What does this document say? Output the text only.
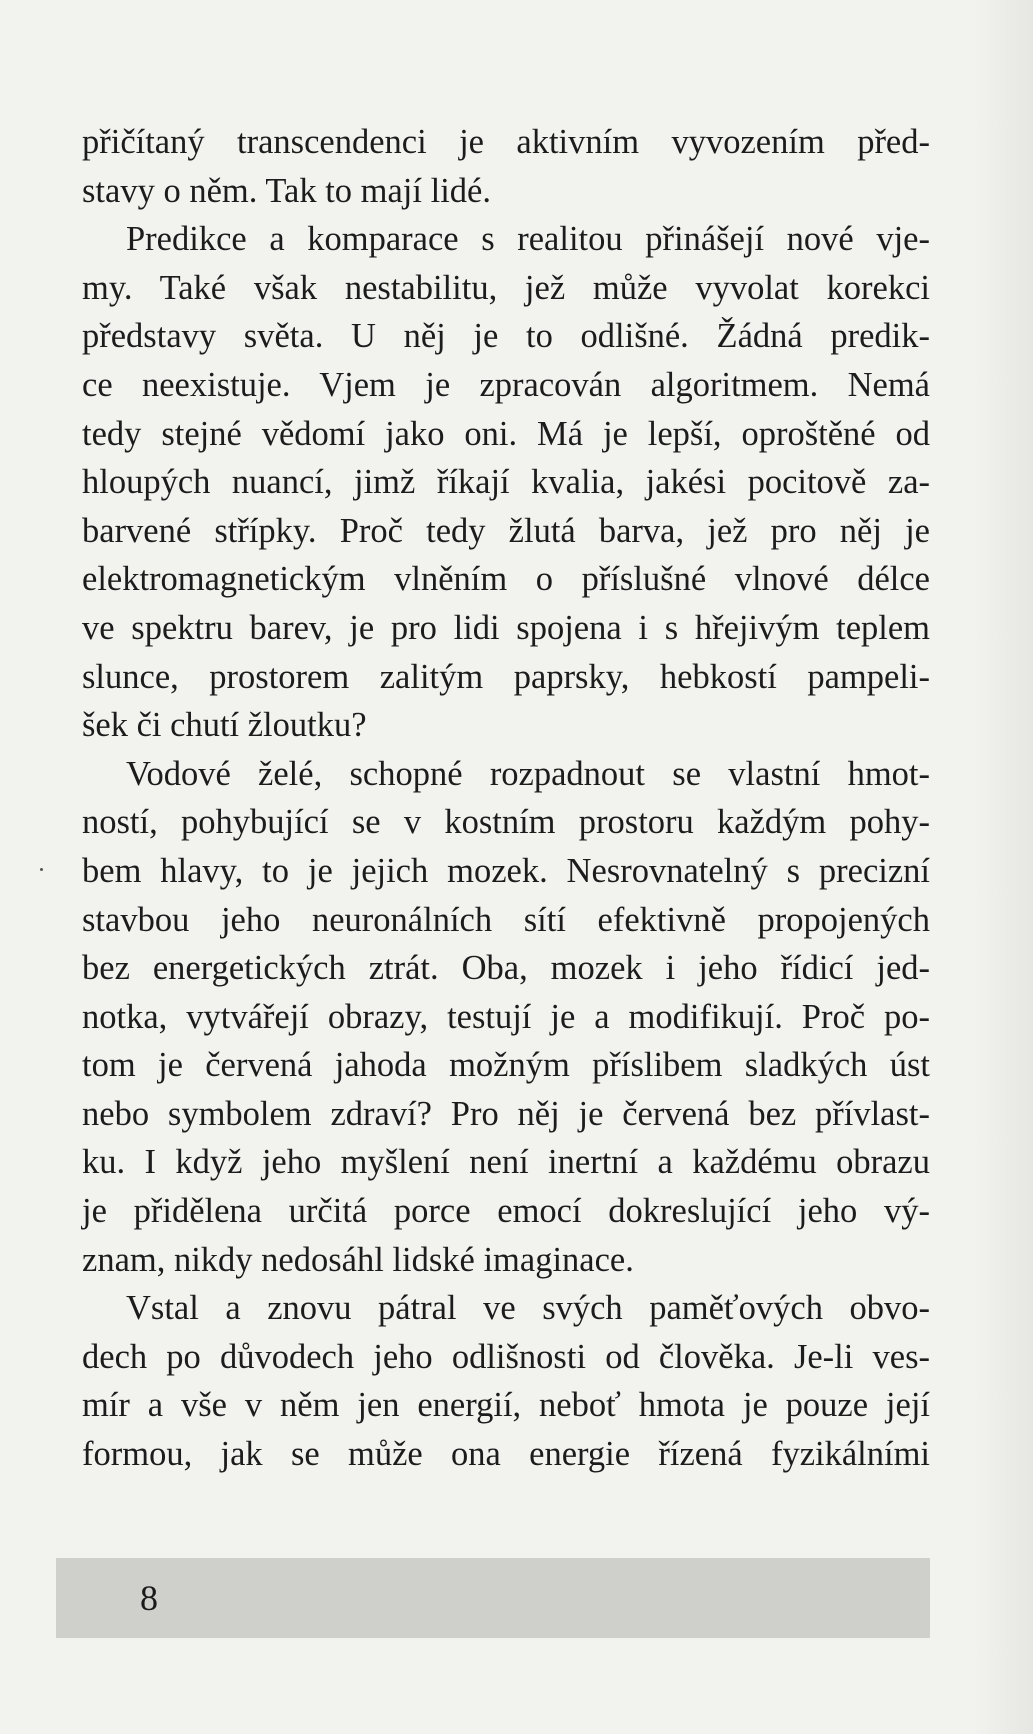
přičítaný transcendenci je aktivním vyvozením před-
stavy o něm. Tak to mají lidé.
Predikce a komparace s realitou přinášejí nové vje-
my. Také však nestabilitu, jež může vyvolat korekci
představy světa. U něj je to odlišné. Žádná predik-
ce neexistuje. Vjem je zpracován algoritmem. Nemá
tedy stejné vědomí jako oni. Má je lepší, oproštěné od
hloupých nuancí, jimž říkají kvalia, jakési pocitově za-
barvené střípky. Proč tedy žlutá barva, jež pro něj je
elektromagnetickým vlněním o příslušné vlnové délce
ve spektru barev, je pro lidi spojena i s hřejivým teplem
slunce, prostorem zalitým paprsky, hebkostí pampeli-
šek či chutí žloutku?
Vodové želé, schopné rozpadnout se vlastní hmot-
ností, pohybující se v kostním prostoru každým pohy-
bem hlavy, to je jejich mozek. Nesrovnatelný s precizní
stavbou jeho neuronálních sítí efektivně propojených
bez energetických ztrát. Oba, mozek i jeho řídicí jed-
notka, vytvářejí obrazy, testují je a modifikují. Proč po-
tom je červená jahoda možným příslibem sladkých úst
nebo symbolem zdraví? Pro něj je červená bez přívlast-
ku. I když jeho myšlení není inertní a každému obrazu
je přidělena určitá porce emocí dokreslující jeho vý-
znam, nikdy nedosáhl lidské imaginace.
Vstal a znovu pátral ve svých paměťových obvo-
dech po důvodech jeho odlišnosti od člověka. Je-li ves-
mír a vše v něm jen energií, neboť hmota je pouze její
formou, jak se může ona energie řízená fyzikálními
8
